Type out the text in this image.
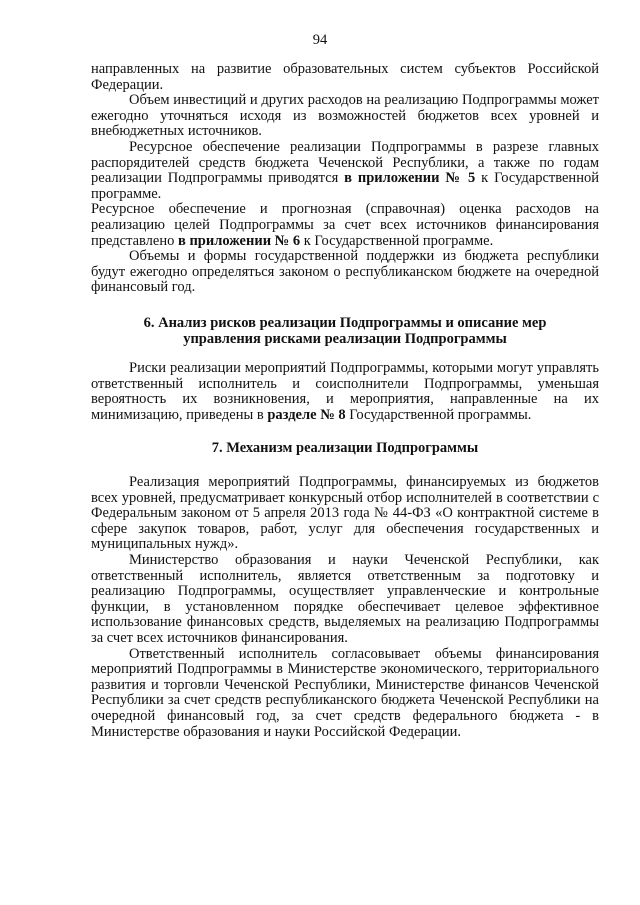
94

направленных на развитие образовательных систем субъектов Российской Федерации.

Объем инвестиций и других расходов на реализацию Подпрограммы может ежегодно уточняться исходя из возможностей бюджетов всех уровней и внебюджетных источников.

Ресурсное обеспечение реализации Подпрограммы в разрезе главных распорядителей средств бюджета Чеченской Республики, а также по годам реализации Подпрограммы приводятся в приложении № 5 к Государственной программе.

Ресурсное обеспечение и прогнозная (справочная) оценка расходов на реализацию целей Подпрограммы за счет всех источников финансирования представлено в приложении № 6 к Государственной программе.

Объемы и формы государственной поддержки из бюджета республики будут ежегодно определяться законом о республиканском бюджете на очередной финансовый год.

6. Анализ рисков реализации Подпрограммы и описание мер
управления рисками реализации Подпрограммы

Риски реализации мероприятий Подпрограммы, которыми могут управлять ответственный исполнитель и соисполнители Подпрограммы, уменьшая вероятность их возникновения, и мероприятия, направленные на их минимизацию, приведены в разделе № 8 Государственной программы.

7. Механизм реализации Подпрограммы

Реализация мероприятий Подпрограммы, финансируемых из бюджетов всех уровней, предусматривает конкурсный отбор исполнителей в соответствии с Федеральным законом от 5 апреля 2013 года № 44-ФЗ «О контрактной системе в сфере закупок товаров, работ, услуг для обеспечения государственных и муниципальных нужд».

Министерство образования и науки Чеченской Республики, как ответственный исполнитель, является ответственным за подготовку и реализацию Подпрограммы, осуществляет управленческие и контрольные функции, в установленном порядке обеспечивает целевое эффективное использование финансовых средств, выделяемых на реализацию Подпрограммы за счет всех источников финансирования.

Ответственный исполнитель согласовывает объемы финансирования мероприятий Подпрограммы в Министерстве экономического, территориального развития и торговли Чеченской Республики, Министерстве финансов Чеченской Республики за счет средств республиканского бюджета Чеченской Республики на очередной финансовый год, за счет средств федерального бюджета - в Министерстве образования и науки Российской Федерации.
